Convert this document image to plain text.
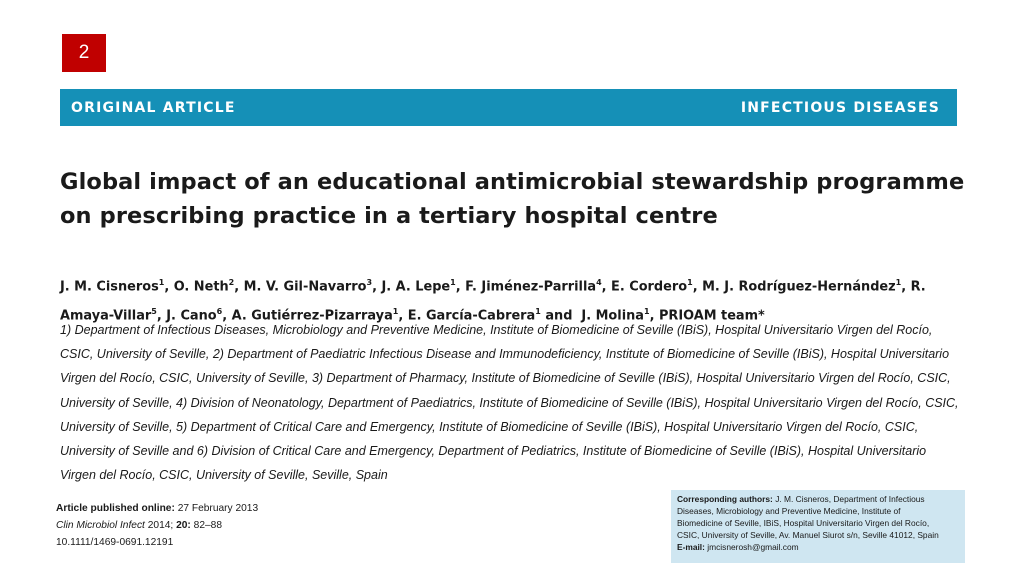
2
ORIGINAL ARTICLE	INFECTIOUS DISEASES
Global impact of an educational antimicrobial stewardship programme
on prescribing practice in a tertiary hospital centre
J. M. Cisneros$^1$, O. Neth$^2$, M. V. Gil-Navarro$^3$, J. A. Lepe$^1$, F. Jiménez-Parrilla$^4$, E. Cordero$^1$, M. J. Rodríguez-Hernández$^1$, R.
Amaya-Villar$^5$, J. Cano$^6$, A. Gutiérrez-Pizarraya$^1$, E. García-Cabrera$^1$ and  J. Molina$^1$, PRIOAM team*
1) Department of Infectious Diseases, Microbiology and Preventive Medicine, Institute of Biomedicine of Seville (IBiS), Hospital Universitario Virgen del Rocío,
CSIC, University of Seville, 2) Department of Paediatric Infectious Disease and Immunodeficiency, Institute of Biomedicine of Seville (IBiS), Hospital Universitario
Virgen del Rocío, CSIC, University of Seville, 3) Department of Pharmacy, Institute of Biomedicine of Seville (IBiS), Hospital Universitario Virgen del Rocío, CSIC,
University of Seville, 4) Division of Neonatology, Department of Paediatrics, Institute of Biomedicine of Seville (IBiS), Hospital Universitario Virgen del Rocío, CSIC,
University of Seville, 5) Department of Critical Care and Emergency, Institute of Biomedicine of Seville (IBiS), Hospital Universitario Virgen del Rocío, CSIC,
University of Seville and 6) Division of Critical Care and Emergency, Department of Pediatrics, Institute of Biomedicine of Seville (IBiS), Hospital Universitario
Virgen del Rocío, CSIC, University of Seville, Seville, Spain
Article published online: 27 February 2013
Clin Microbiol Infect 2014; 20: 82–88
10.1111/1469-0691.12191
Corresponding authors: J. M. Cisneros, Department of Infectious
Diseases, Microbiology and Preventive Medicine, Institute of
Biomedicine of Seville, IBiS, Hospital Universitario Virgen del Rocío,
CSIC, University of Seville, Av. Manuel Siurot s/n, Seville 41012, Spain
E-mail: jmcisnerosh@gmail.com
